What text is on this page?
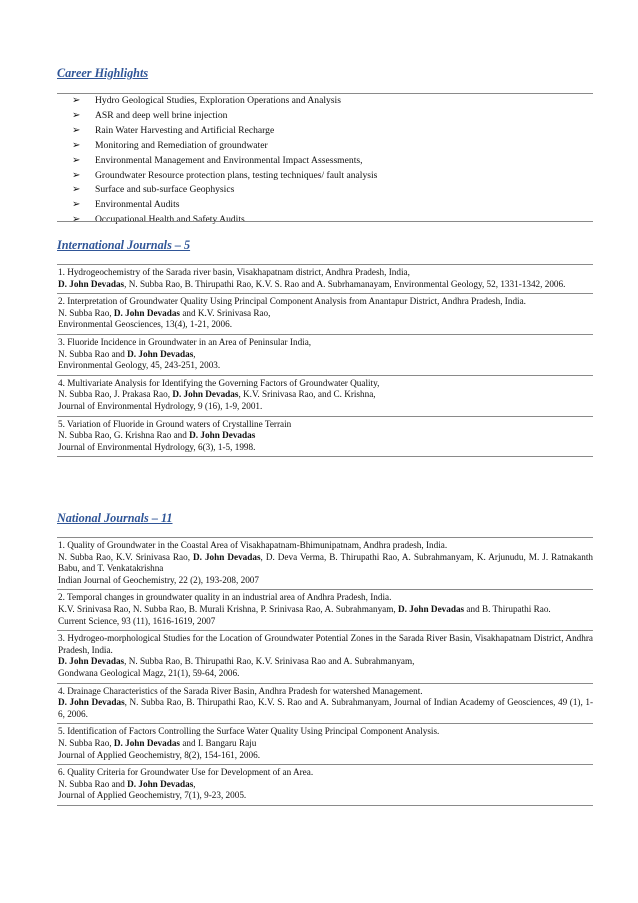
Career Highlights
➢ Hydro Geological Studies, Exploration Operations and Analysis
➢ ASR and deep well brine injection
➢ Rain Water Harvesting and Artificial Recharge
➢ Monitoring and Remediation of groundwater
➢ Environmental Management and Environmental Impact Assessments,
➢ Groundwater Resource protection plans, testing techniques/ fault analysis
➢ Surface and sub-surface Geophysics
➢ Environmental Audits
➢ Occupational Health and Safety Audits
International Journals – 5
1. Hydrogeochemistry of the Sarada river basin, Visakhapatnam district, Andhra Pradesh, India,
D. John Devadas, N. Subba Rao, B. Thirupathi Rao, K.V. S. Rao and A. Subrhamanayam, Environmental Geology, 52, 1331-1342, 2006.
2. Interpretation of Groundwater Quality Using Principal Component Analysis from Anantapur District, Andhra Pradesh, India.
N. Subba Rao, D. John Devadas and K.V. Srinivasa Rao,
Environmental Geosciences, 13(4), 1-21, 2006.
3. Fluoride Incidence in Groundwater in an Area of Peninsular India,
N. Subba Rao and D. John Devadas,
Environmental Geology, 45, 243-251, 2003.
4. Multivariate Analysis for Identifying the Governing Factors of Groundwater Quality,
N. Subba Rao, J. Prakasa Rao, D. John Devadas, K.V. Srinivasa Rao, and C. Krishna,
Journal of Environmental Hydrology, 9 (16), 1-9, 2001.
5. Variation of Fluoride in Ground waters of Crystalline Terrain
N. Subba Rao, G. Krishna Rao and D. John Devadas
Journal of Environmental Hydrology, 6(3), 1-5, 1998.
National Journals – 11
1. Quality of Groundwater in the Coastal Area of Visakhapatnam-Bhimunipatnam, Andhra pradesh, India.
N. Subba Rao, K.V. Srinivasa Rao, D. John Devadas, D. Deva Verma, B. Thirupathi Rao, A. Subrahmanyam, K. Arjunudu, M. J. Ratnakanth Babu, and T. Venkatakrishna
Indian Journal of Geochemistry, 22 (2), 193-208, 2007
2. Temporal changes in groundwater quality in an industrial area of Andhra Pradesh, India.
K.V. Srinivasa Rao, N. Subba Rao, B. Murali Krishna, P. Srinivasa Rao, A. Subrahmanyam, D. John Devadas and B. Thirupathi Rao.
Current Science, 93 (11), 1616-1619, 2007
3. Hydrogeo-morphological Studies for the Location of Groundwater Potential Zones in the Sarada River Basin, Visakhapatnam District, Andhra Pradesh, India.
D. John Devadas, N. Subba Rao, B. Thirupathi Rao, K.V. Srinivasa Rao and A. Subrahmanyam,
Gondwana Geological Magz, 21(1), 59-64, 2006.
4. Drainage Characteristics of the Sarada River Basin, Andhra Pradesh for watershed Management.
D. John Devadas, N. Subba Rao, B. Thirupathi Rao, K.V. S. Rao and A. Subrahmanyam, Journal of Indian Academy of Geosciences, 49 (1), 1-6, 2006.
5. Identification of Factors Controlling the Surface Water Quality Using Principal Component Analysis.
N. Subba Rao, D. John Devadas and I. Bangaru Raju
Journal of Applied Geochemistry, 8(2), 154-161, 2006.
6. Quality Criteria for Groundwater Use for Development of an Area.
N. Subba Rao and D. John Devadas,
Journal of Applied Geochemistry, 7(1), 9-23, 2005.
